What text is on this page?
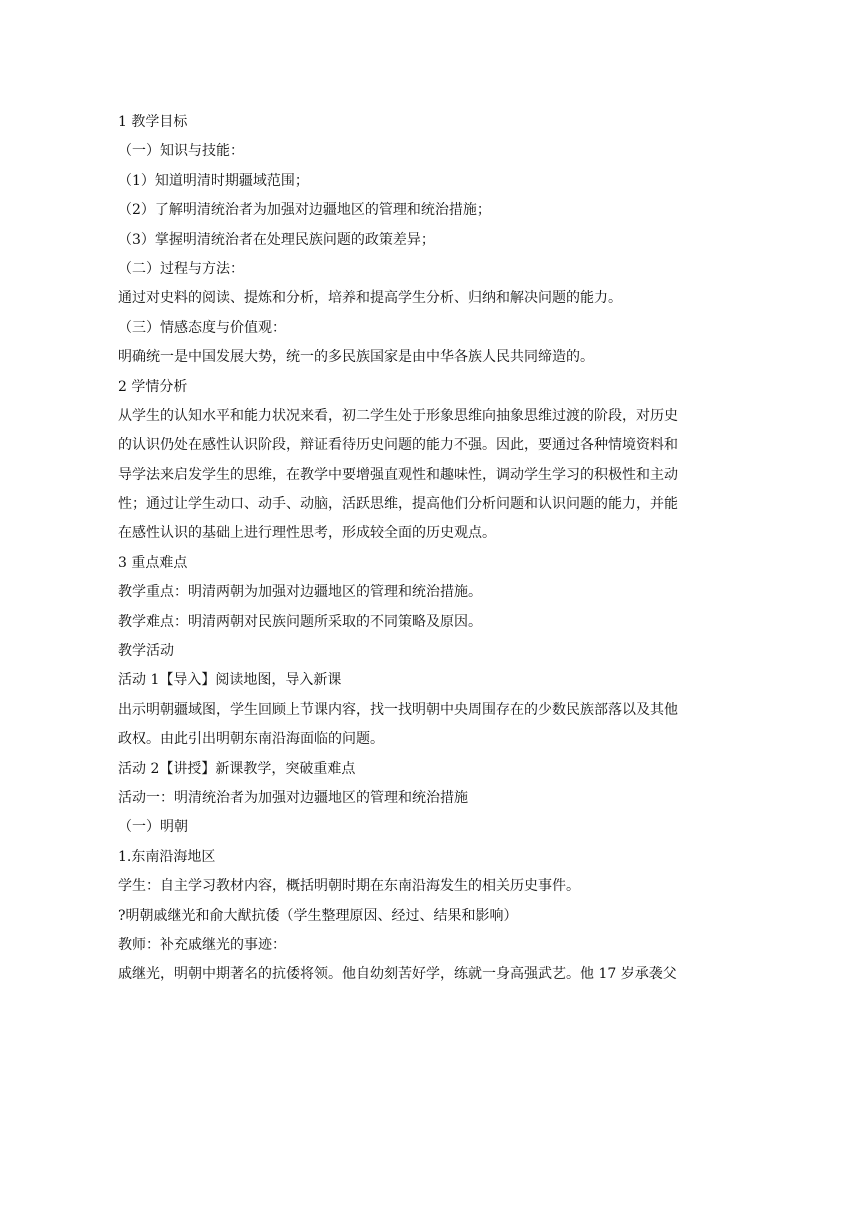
1 教学目标
（一）知识与技能：
（1）知道明清时期疆域范围；
（2）了解明清统治者为加强对边疆地区的管理和统治措施；
（3）掌握明清统治者在处理民族问题的政策差异；
（二）过程与方法：
通过对史料的阅读、提炼和分析，培养和提高学生分析、归纳和解决问题的能力。
（三）情感态度与价值观：
明确统一是中国发展大势，统一的多民族国家是由中华各族人民共同缔造的。
2 学情分析
从学生的认知水平和能力状况来看，初二学生处于形象思维向抽象思维过渡的阶段，对历史
的认识仍处在感性认识阶段，辩证看待历史问题的能力不强。因此，要通过各种情境资料和
导学法来启发学生的思维，在教学中要增强直观性和趣味性，调动学生学习的积极性和主动
性；通过让学生动口、动手、动脑，活跃思维，提高他们分析问题和认识问题的能力，并能
在感性认识的基础上进行理性思考，形成较全面的历史观点。
3 重点难点
教学重点：明清两朝为加强对边疆地区的管理和统治措施。
教学难点：明清两朝对民族问题所采取的不同策略及原因。
教学活动
活动 1【导入】阅读地图，导入新课
出示明朝疆域图，学生回顾上节课内容，找一找明朝中央周围存在的少数民族部落以及其他
政权。由此引出明朝东南沿海面临的问题。
活动 2【讲授】新课教学，突破重难点
活动一：明清统治者为加强对边疆地区的管理和统治措施
（一）明朝
1.东南沿海地区
学生：自主学习教材内容，概括明朝时期在东南沿海发生的相关历史事件。
?明朝戚继光和俞大猷抗倭（学生整理原因、经过、结果和影响）
教师：补充戚继光的事迹：
戚继光，明朝中期著名的抗倭将领。他自幼刻苦好学，练就一身高强武艺。他 17 岁承袭父
